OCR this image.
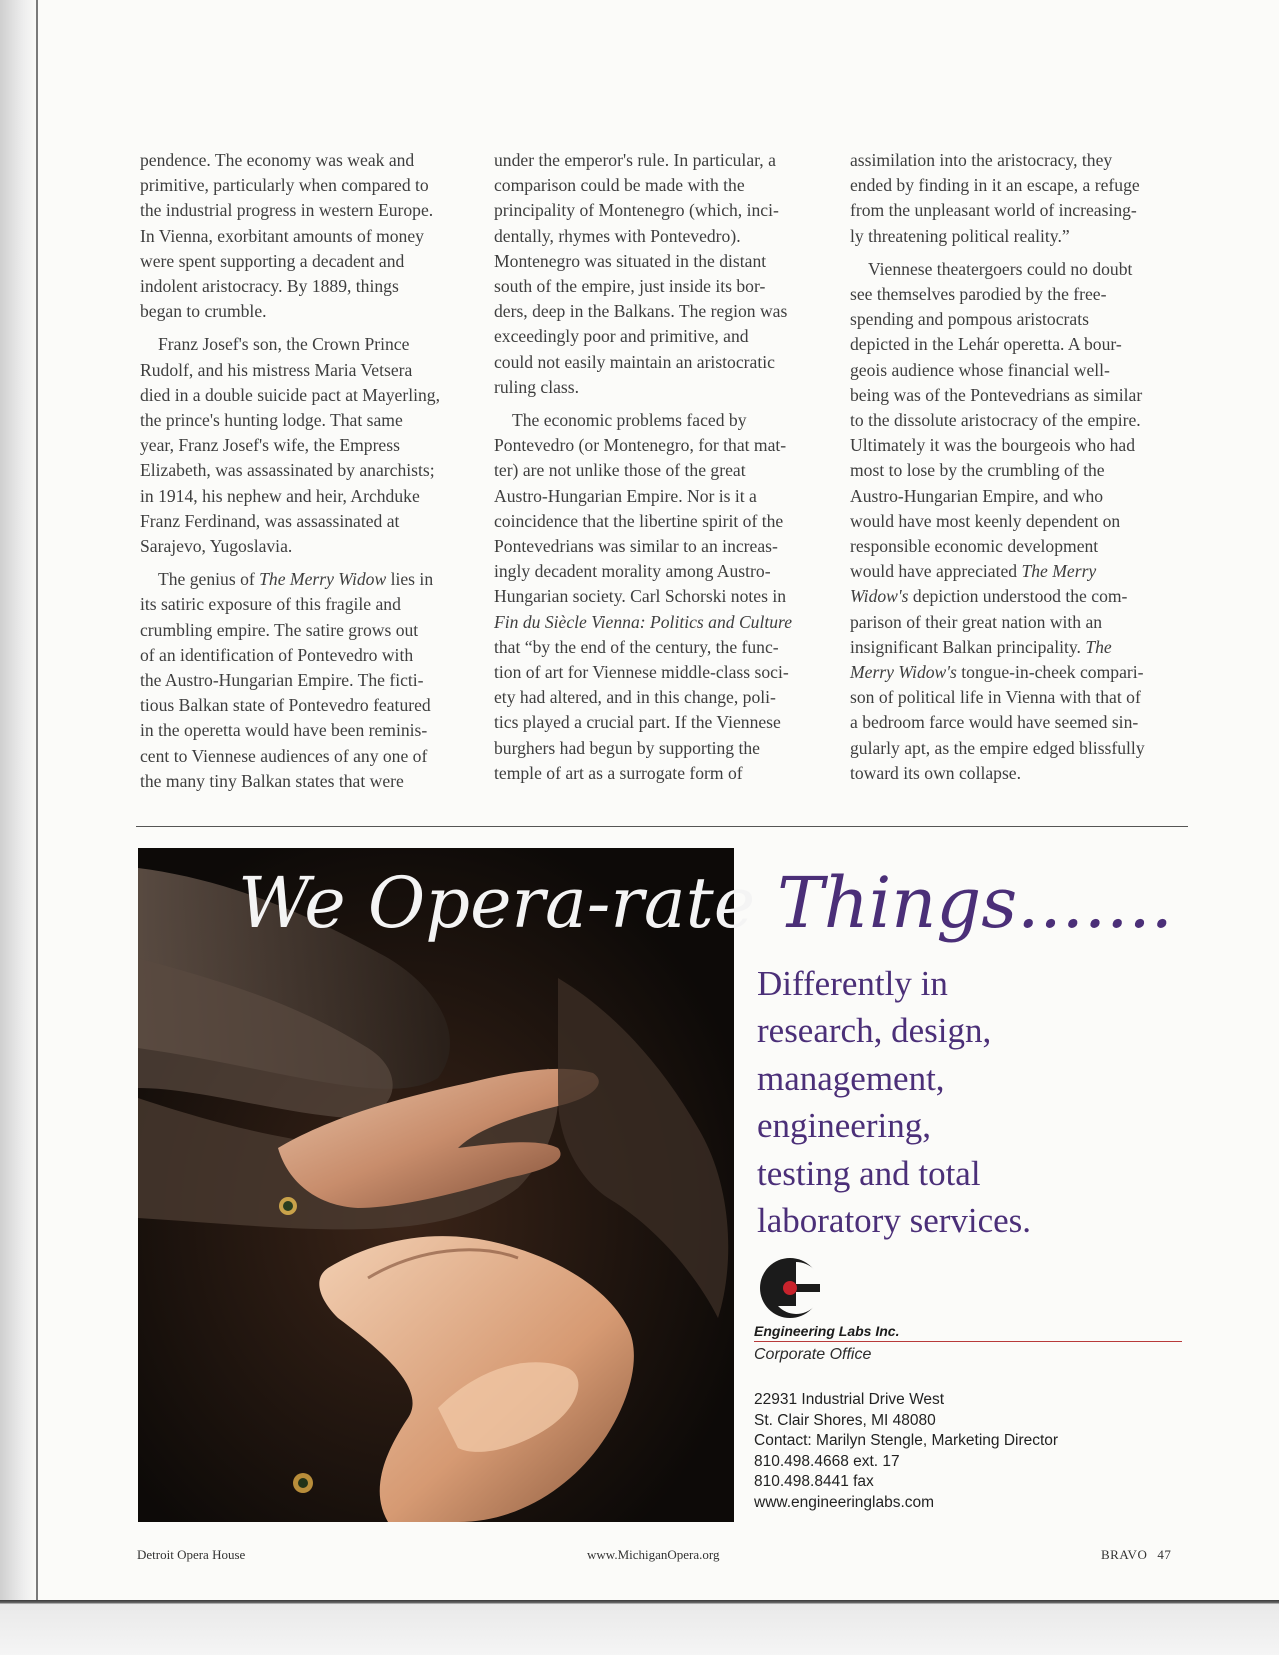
pendence. The economy was weak and

primitive, particularly when compared to

the industrial progress in western Europe.

In Vienna, exorbitant amounts of money

were spent supporting a decadent and

indolent aristocracy. By 1889, things

began to crumble.

Franz Josef's son, the Crown Prince

Rudolf, and his mistress Maria Vetsera

died in a double suicide pact at Mayerling,

the prince's hunting lodge. That same

year, Franz Josef's wife, the Empress

Elizabeth, was assassinated by anarchists;

in 1914, his nephew and heir, Archduke

Franz Ferdinand, was assassinated at

Sarajevo, Yugoslavia.

The genius of The Merry Widow lies in

its satiric exposure of this fragile and

crumbling empire. The satire grows out

of an identification of Pontevedro with

the Austro-Hungarian Empire. The ficti-

tious Balkan state of Pontevedro featured

in the operetta would have been reminis-

cent to Viennese audiences of any one of

the many tiny Balkan states that were

under the emperor's rule. In particular, a

comparison could be made with the

principality of Montenegro (which, inci-

dentally, rhymes with Pontevedro).

Montenegro was situated in the distant

south of the empire, just inside its bor-

ders, deep in the Balkans. The region was

exceedingly poor and primitive, and

could not easily maintain an aristocratic

ruling class.

The economic problems faced by

Pontevedro (or Montenegro, for that mat-

ter) are not unlike those of the great

Austro-Hungarian Empire. Nor is it a

coincidence that the libertine spirit of the

Pontevedrians was similar to an increas-

ingly decadent morality among Austro-

Hungarian society. Carl Schorski notes in

Fin du Siècle Vienna: Politics and Culture

that “by the end of the century, the func-

tion of art for Viennese middle-class soci-

ety had altered, and in this change, poli-

tics played a crucial part. If the Viennese

burghers had begun by supporting the

temple of art as a surrogate form of

assimilation into the aristocracy, they

ended by finding in it an escape, a refuge

from the unpleasant world of increasing-

ly threatening political reality.”

Viennese theatergoers could no doubt

see themselves parodied by the free-

spending and pompous aristocrats

depicted in the Lehár operetta. A bour-

geois audience whose financial well-

being was of the Pontevedrians as similar

to the dissolute aristocracy of the empire.

Ultimately it was the bourgeois who had

most to lose by the crumbling of the

Austro-Hungarian Empire, and who

would have most keenly dependent on

responsible economic development

would have appreciated The Merry

Widow's depiction understood the com-

parison of their great nation with an

insignificant Balkan principality. The

Merry Widow's tongue-in-cheek compari-

son of political life in Vienna with that of

a bedroom farce would have seemed sin-

gularly apt, as the empire edged blissfully

toward its own collapse.

We Opera-rate Things.......
Differently in
research, design,
management,
engineering,
testing and total
laboratory services.
Engineering Labs Inc.
Corporate Office
22931 Industrial Drive West
St. Clair Shores, MI 48080
Contact: Marilyn Stengle, Marketing Director
810.498.4668 ext. 17
810.498.8441 fax
www.engineeringlabs.com
Detroit Opera House	www.MichiganOpera.org	BRAVO 47
